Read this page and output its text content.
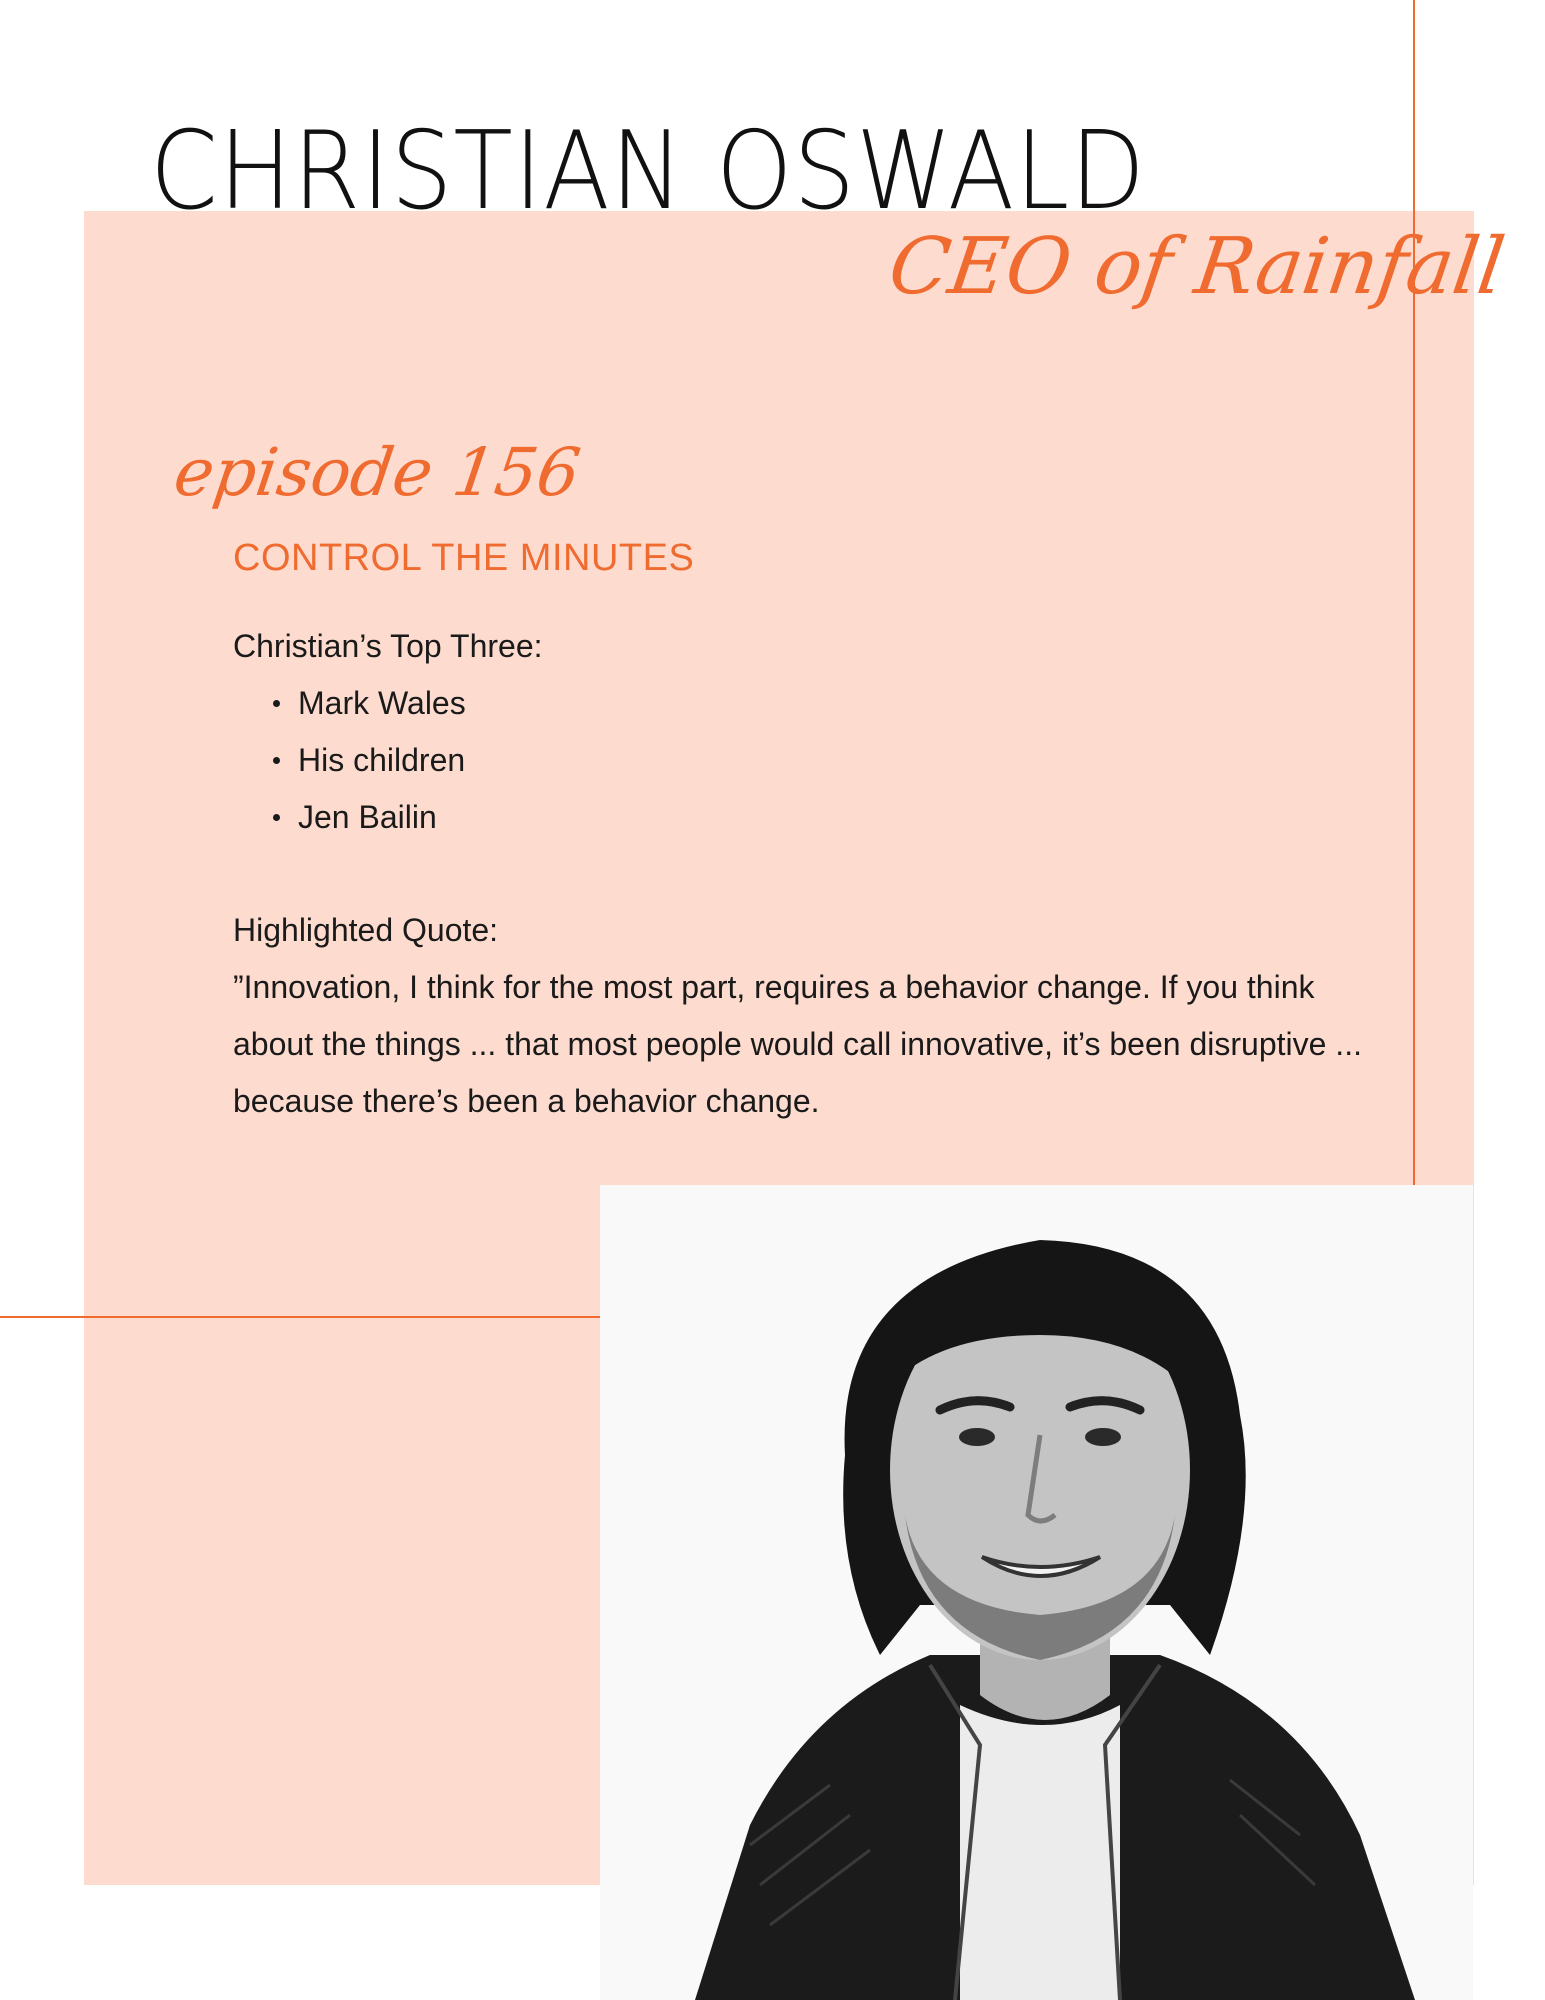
CHRISTIAN OSWALD
CEO of Rainfall
episode 156
CONTROL THE MINUTES

Christian’s Top Three:

Mark Wales
His children
Jen Bailin

Highlighted Quote:

”Innovation, I think for the most part, requires a behavior change. If you think about the things ... that most people would call innovative, it’s been disruptive ... because there’s been a behavior change.
